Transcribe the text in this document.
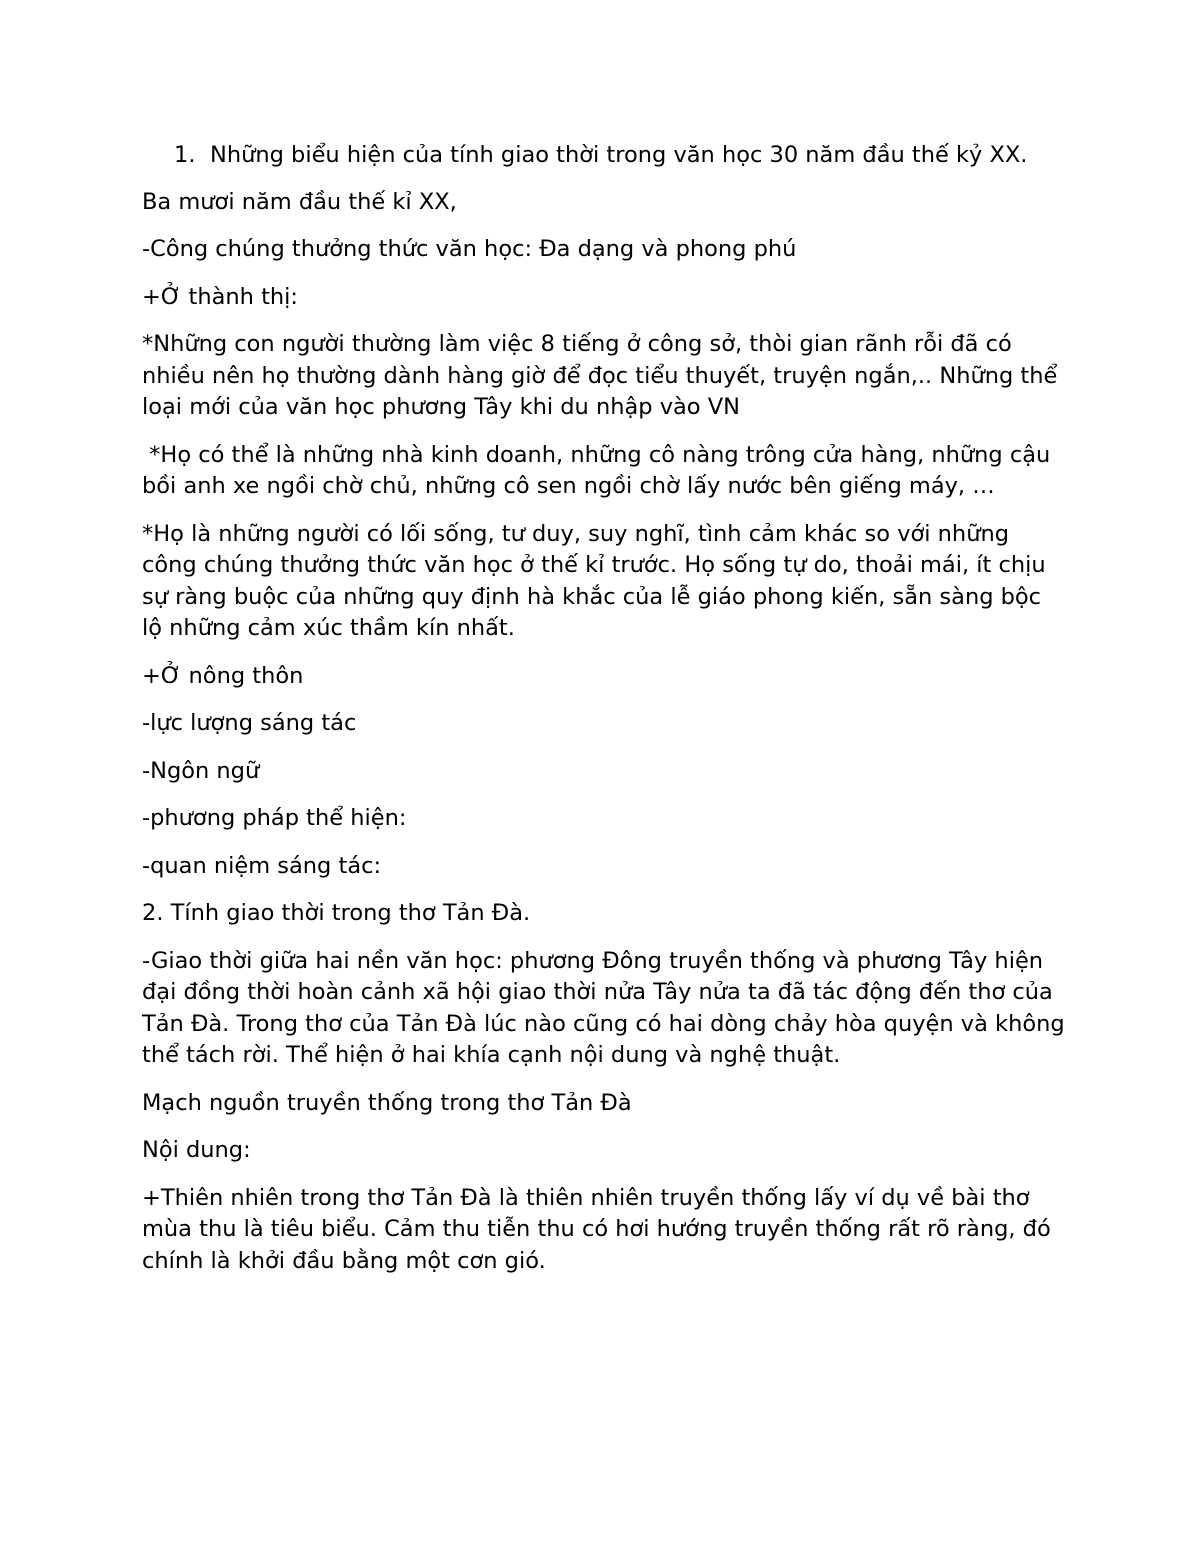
1. Những biểu hiện của tính giao thời trong văn học 30 năm đầu thế kỷ XX.

Ba mươi năm đầu thế kỉ XX,

-Công chúng thưởng thức văn học: Đa dạng và phong phú

+Ở thành thị:

*Những con người thường làm việc 8 tiếng ở công sở, thòi gian rãnh rỗi đã có nhiều nên họ thường dành hàng giờ để đọc tiểu thuyết, truyện ngắn,.. Những thể loại mới của văn học phương Tây khi du nhập vào VN

*Họ có thể là những nhà kinh doanh, những cô nàng trông cửa hàng, những cậu bồi anh xe ngồi chờ chủ, những cô sen ngồi chờ lấy nước bên giếng máy, …

*Họ là những người có lối sống, tư duy, suy nghĩ, tình cảm khác so với những công chúng thưởng thức văn học ở thế kỉ trước. Họ sống tự do, thoải mái, ít chịu sự ràng buộc của những quy định hà khắc của lễ giáo phong kiến, sẵn sàng bộc lộ những cảm xúc thầm kín nhất.

+Ở nông thôn

-lực lượng sáng tác

-Ngôn ngữ

-phương pháp thể hiện:

-quan niệm sáng tác:

2. Tính giao thời trong thơ Tản Đà.

-Giao thời giữa hai nền văn học: phương Đông truyền thống và phương Tây hiện đại đồng thời hoàn cảnh xã hội giao thời nửa Tây nửa ta đã tác động đến thơ của Tản Đà. Trong thơ của Tản Đà lúc nào cũng có hai dòng chảy hòa quyện và không thể tách rời. Thể hiện ở hai khía cạnh nội dung và nghệ thuật.

Mạch nguồn truyền thống trong thơ Tản Đà

Nội dung:

+Thiên nhiên trong thơ Tản Đà là thiên nhiên truyền thống lấy ví dụ về bài thơ mùa thu là tiêu biểu. Cảm thu tiễn thu có hơi hướng truyền thống rất rõ ràng, đó chính là khởi đầu bằng một cơn gió.
